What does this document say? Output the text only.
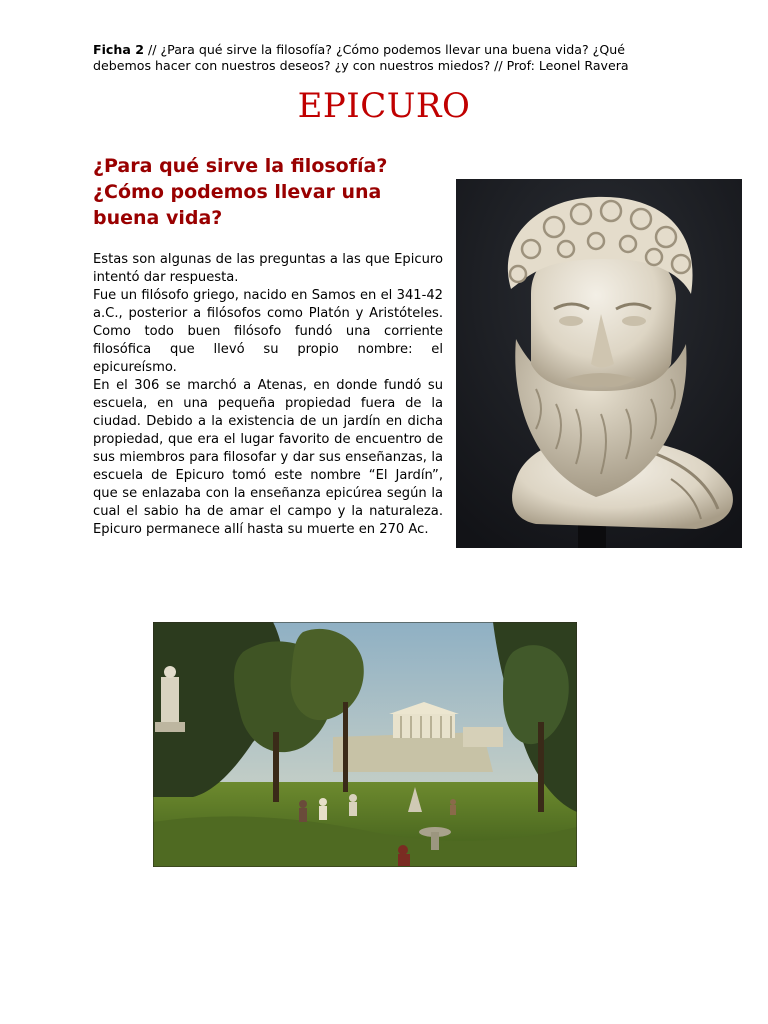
Ficha 2 // ¿Para qué sirve la filosofía? ¿Cómo podemos llevar una buena vida? ¿Qué debemos hacer con nuestros deseos? ¿y con nuestros miedos? // Prof: Leonel Ravera
EPICURO
¿Para qué sirve la filosofía? ¿Cómo podemos llevar una buena vida?

Estas son algunas de las preguntas a las que Epicuro intentó dar respuesta.

Fue un filósofo griego, nacido en Samos en el 341-42 a.C., posterior a filósofos como Platón y Aristóteles. Como todo buen filósofo fundó una corriente filosófica que llevó su propio nombre: el epicureísmo.

En el 306 se marchó a Atenas, en donde fundó su escuela, en una pequeña propiedad fuera de la ciudad. Debido a la existencia de un jardín en dicha propiedad, que era el lugar favorito de encuentro de sus miembros para filosofar y dar sus enseñanzas, la escuela de Epicuro tomó este nombre “El Jardín”, que se enlazaba con la enseñanza epicúrea según la cual el sabio ha de amar el campo y la naturaleza. Epicuro permanece allí hasta su muerte en 270 Ac.
